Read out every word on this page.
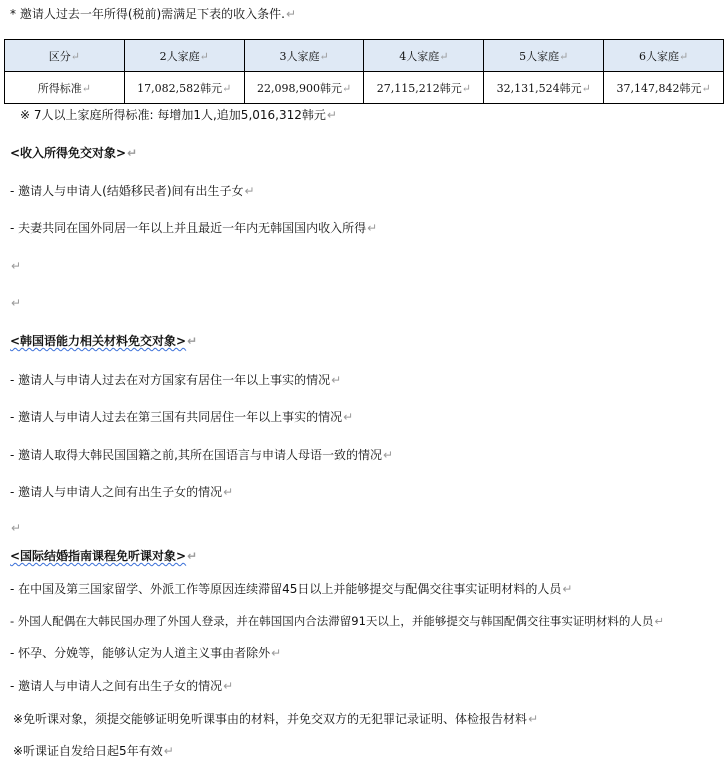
* 邀请人过去一年所得(税前)需满足下表的收入条件.↵
区分↵	2人家庭↵	3人家庭↵	4人家庭↵	5人家庭↵	6人家庭↵
所得标准↵	17,082,582韩元↵	22,098,900韩元↵	27,115,212韩元↵	32,131,524韩元↵	37,147,842韩元↵
※ 7人以上家庭所得标准: 每增加1人,追加5,016,312韩元↵
<收入所得免交对象>↵
- 邀请人与申请人(结婚移民者)间有出生子女↵
- 夫妻共同在国外同居一年以上并且最近一年内无韩国国内收入所得↵
↵
↵
<韩国语能力相关材料免交对象>↵
- 邀请人与申请人过去在对方国家有居住一年以上事实的情况↵
- 邀请人与申请人过去在第三国有共同居住一年以上事实的情况↵
- 邀请人取得大韩民国国籍之前,其所在国语言与申请人母语一致的情况↵
- 邀请人与申请人之间有出生子女的情况↵
↵
<国际结婚指南课程免听课对象>↵
- 在中国及第三国家留学、外派工作等原因连续滞留45日以上并能够提交与配偶交往事实证明材料的人员↵
- 外国人配偶在大韩民国办理了外国人登录，并在韩国国内合法滞留91天以上，并能够提交与韩国配偶交往事实证明材料的人员↵
- 怀孕、分娩等，能够认定为人道主义事由者除外↵
- 邀请人与申请人之间有出生子女的情况↵
※免听课对象，须提交能够证明免听课事由的材料，并免交双方的无犯罪记录证明、体检报告材料↵
※听课证自发给日起5年有效↵
